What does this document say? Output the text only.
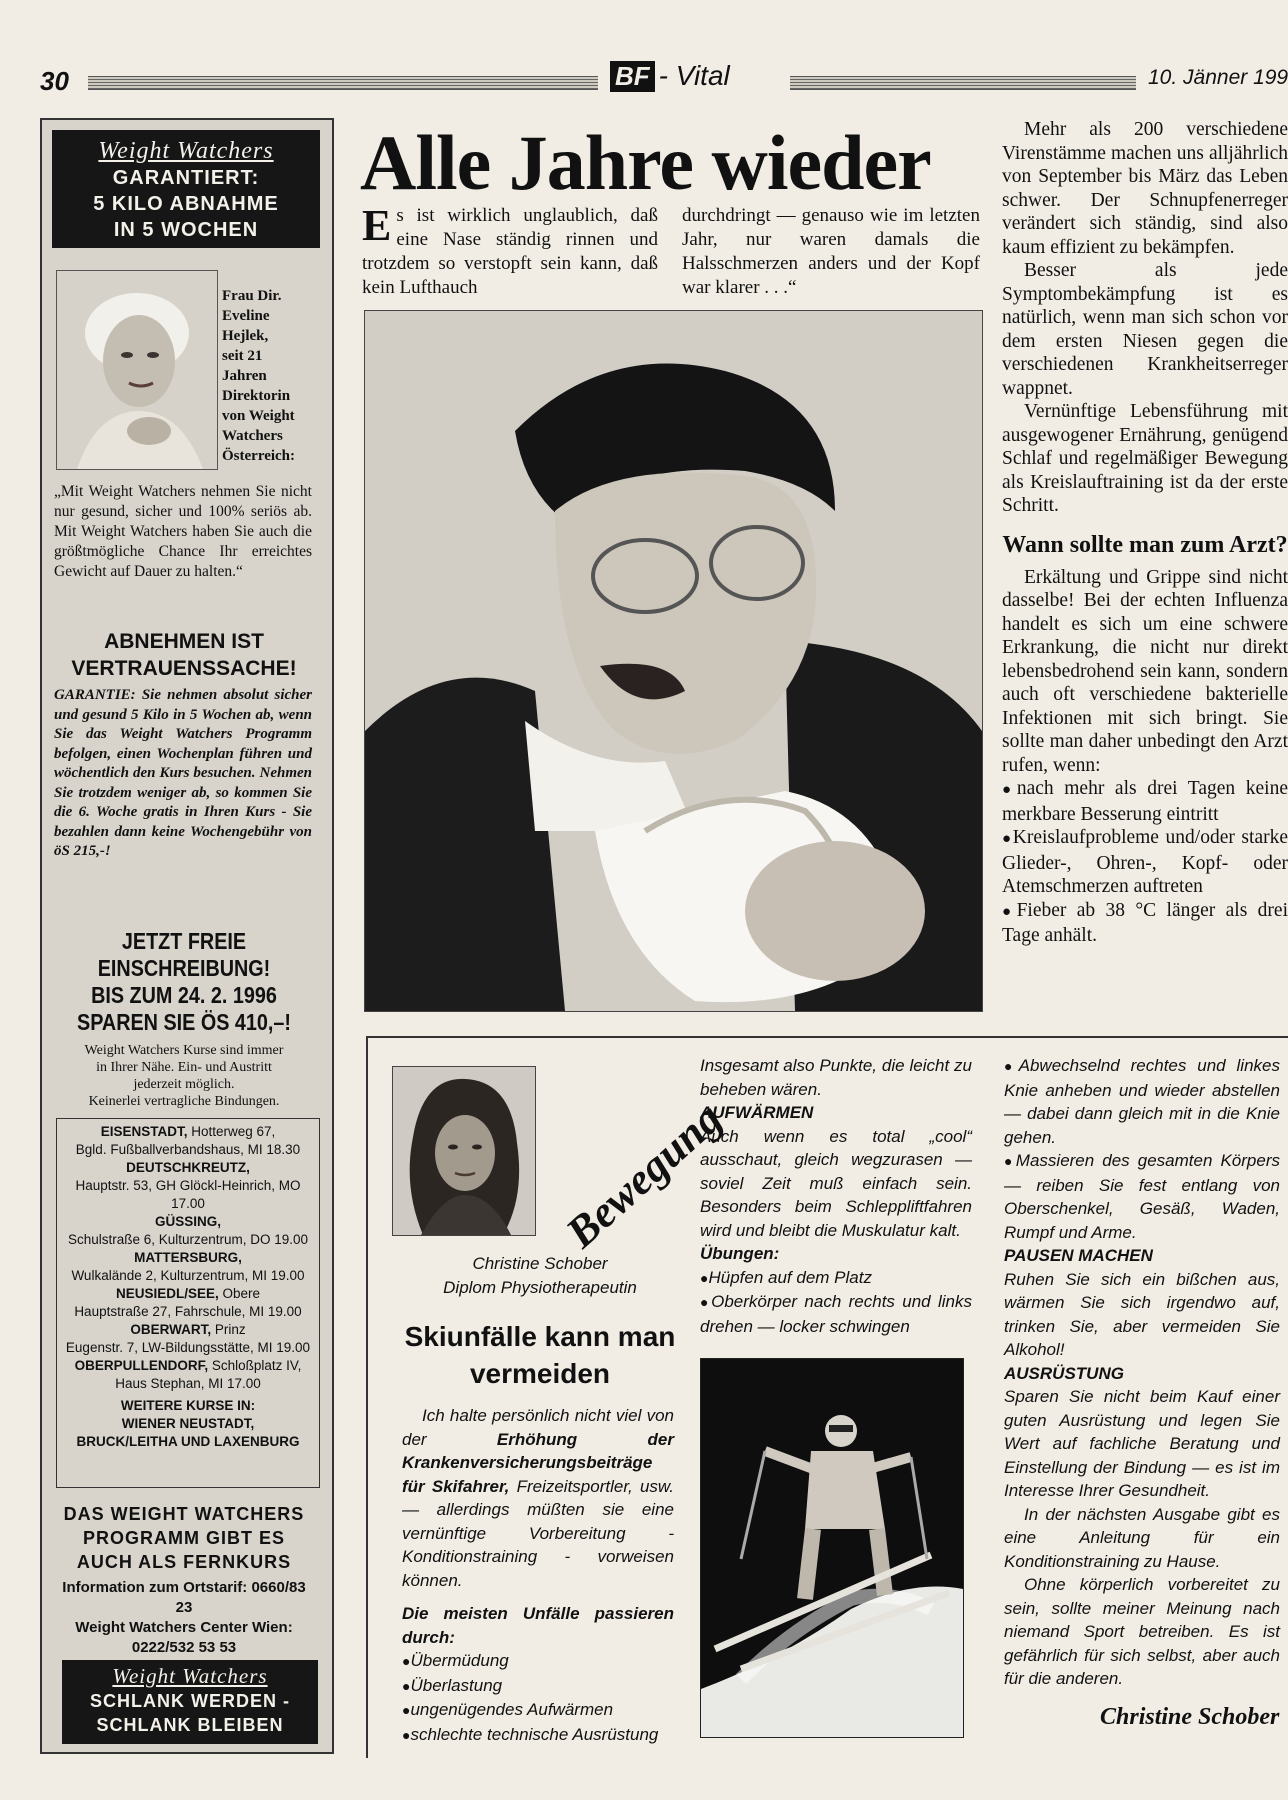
30	BF - Vital	10. Jänner 199
Weight Watchers
GARANTIERT:
5 KILO ABNAHME
IN 5 WOCHEN
Frau Dir.
Eveline
Hejlek,
seit 21
Jahren
Direktorin
von Weight
Watchers
Österreich:
„Mit Weight Watchers nehmen Sie nicht nur gesund, sicher und 100% seriös ab. Mit Weight Watchers haben Sie auch die größtmögliche Chance Ihr erreichtes Gewicht auf Dauer zu halten.“
ABNEHMEN IST
VERTRAUENSSACHE!
GARANTIE: Sie nehmen absolut sicher und gesund 5 Kilo in 5 Wochen ab, wenn Sie das Weight Watchers Programm befolgen, einen Wochenplan führen und wöchentlich den Kurs besuchen. Nehmen Sie trotzdem weniger ab, so kommen Sie die 6. Woche gratis in Ihren Kurs - Sie bezahlen dann keine Wochengebühr von öS 215,-!
JETZT FREIE
EINSCHREIBUNG!
BIS ZUM 24. 2. 1996
SPAREN SIE ÖS 410,–!
Weight Watchers Kurse sind immer
in Ihrer Nähe. Ein- und Austritt
jederzeit möglich.
Keinerlei vertragliche Bindungen.
EISENSTADT, Hotterweg 67,
Bgld. Fußballverbandshaus, MI 18.30
DEUTSCHKREUTZ,
Hauptstr. 53, GH Glöckl-Heinrich, MO 17.00
GÜSSING,
Schulstraße 6, Kulturzentrum, DO 19.00
MATTERSBURG,
Wulkalände 2, Kulturzentrum, MI 19.00
NEUSIEDL/SEE, Obere
Hauptstraße 27, Fahrschule, MI 19.00
OBERWART, Prinz
Eugenstr. 7, LW-Bildungsstätte, MI 19.00
OBERPULLENDORF, Schloßplatz IV,
Haus Stephan, MI 17.00
WEITERE KURSE IN:
WIENER NEUSTADT,
BRUCK/LEITHA UND LAXENBURG
DAS WEIGHT WATCHERS
PROGRAMM GIBT ES
AUCH ALS FERNKURS
Information zum Ortstarif: 0660/83 23
Weight Watchers Center Wien:
0222/532 53 53
Weight Watchers
SCHLANK WERDEN -
SCHLANK BLEIBEN
Alle Jahre wieder
Es ist wirklich unglaublich, daß eine Nase ständig rinnen und trotzdem so verstopft sein kann, daß kein Lufthauch
durchdringt — genauso wie im letzten Jahr, nur waren damals die Halsschmerzen anders und der Kopf war klarer . . .“

Mehr als 200 verschiedene Virenstämme machen uns alljährlich von September bis März das Leben schwer. Der Schnupfenerreger verändert sich ständig, sind also kaum effizient zu bekämpfen.

Besser als jede Symptombekämpfung ist es natürlich, wenn man sich schon vor dem ersten Niesen gegen die verschiedenen Krankheitserreger wappnet.

Vernünftige Lebensführung mit ausgewogener Ernährung, genügend Schlaf und regelmäßiger Bewegung als Kreislauftraining ist da der erste Schritt.

Wann sollte man zum Arzt?

Erkältung und Grippe sind nicht dasselbe! Bei der echten Influenza handelt es sich um eine schwere Erkrankung, die nicht nur direkt lebensbedrohend sein kann, sondern auch oft verschiedene bakterielle Infektionen mit sich bringt. Sie sollte man daher unbedingt den Arzt rufen, wenn:

● nach mehr als drei Tagen keine merkbare Besserung eintritt
● Kreislaufprobleme und/oder starke Glieder-, Ohren-, Kopf- oder Atemschmerzen auftreten
● Fieber ab 38 °C länger als drei Tage anhält.
Bewegung
Christine Schober
Diplom Physiotherapeutin
Skiunfälle kann man vermeiden

Ich halte persönlich nicht viel von der Erhöhung der Krankenversicherungsbeiträge für Skifahrer, Freizeitsportler, usw. — allerdings müßten sie eine vernünftige Vorbereitung - Konditionstraining - vorweisen können.

Die meisten Unfälle passieren durch:

● Übermüdung
● Überlastung
● ungenügendes Aufwärmen
● schlechte technische Ausrüstung

Insgesamt also Punkte, die leicht zu beheben wären.

AUFWÄRMEN

Auch wenn es total „cool“ ausschaut, gleich wegzurasen — soviel Zeit muß einfach sein. Besonders beim Schleppliftfahren wird und bleibt die Muskulatur kalt.

Übungen:

● Hüpfen auf dem Platz
● Oberkörper nach rechts und links drehen — locker schwingen
● Abwechselnd rechtes und linkes Knie anheben und wieder abstellen — dabei dann gleich mit in die Knie gehen.
● Massieren des gesamten Körpers — reiben Sie fest entlang von Oberschenkel, Gesäß, Waden, Rumpf und Arme.

PAUSEN MACHEN

Ruhen Sie sich ein bißchen aus, wärmen Sie sich irgendwo auf, trinken Sie, aber vermeiden Sie Alkohol!

AUSRÜSTUNG

Sparen Sie nicht beim Kauf einer guten Ausrüstung und legen Sie Wert auf fachliche Beratung und Einstellung der Bindung — es ist im Interesse Ihrer Gesundheit.

In der nächsten Ausgabe gibt es eine Anleitung für ein Konditionstraining zu Hause.

Ohne körperlich vorbereitet zu sein, sollte meiner Meinung nach niemand Sport betreiben. Es ist gefährlich für sich selbst, aber auch für die anderen.

Christine Schober
